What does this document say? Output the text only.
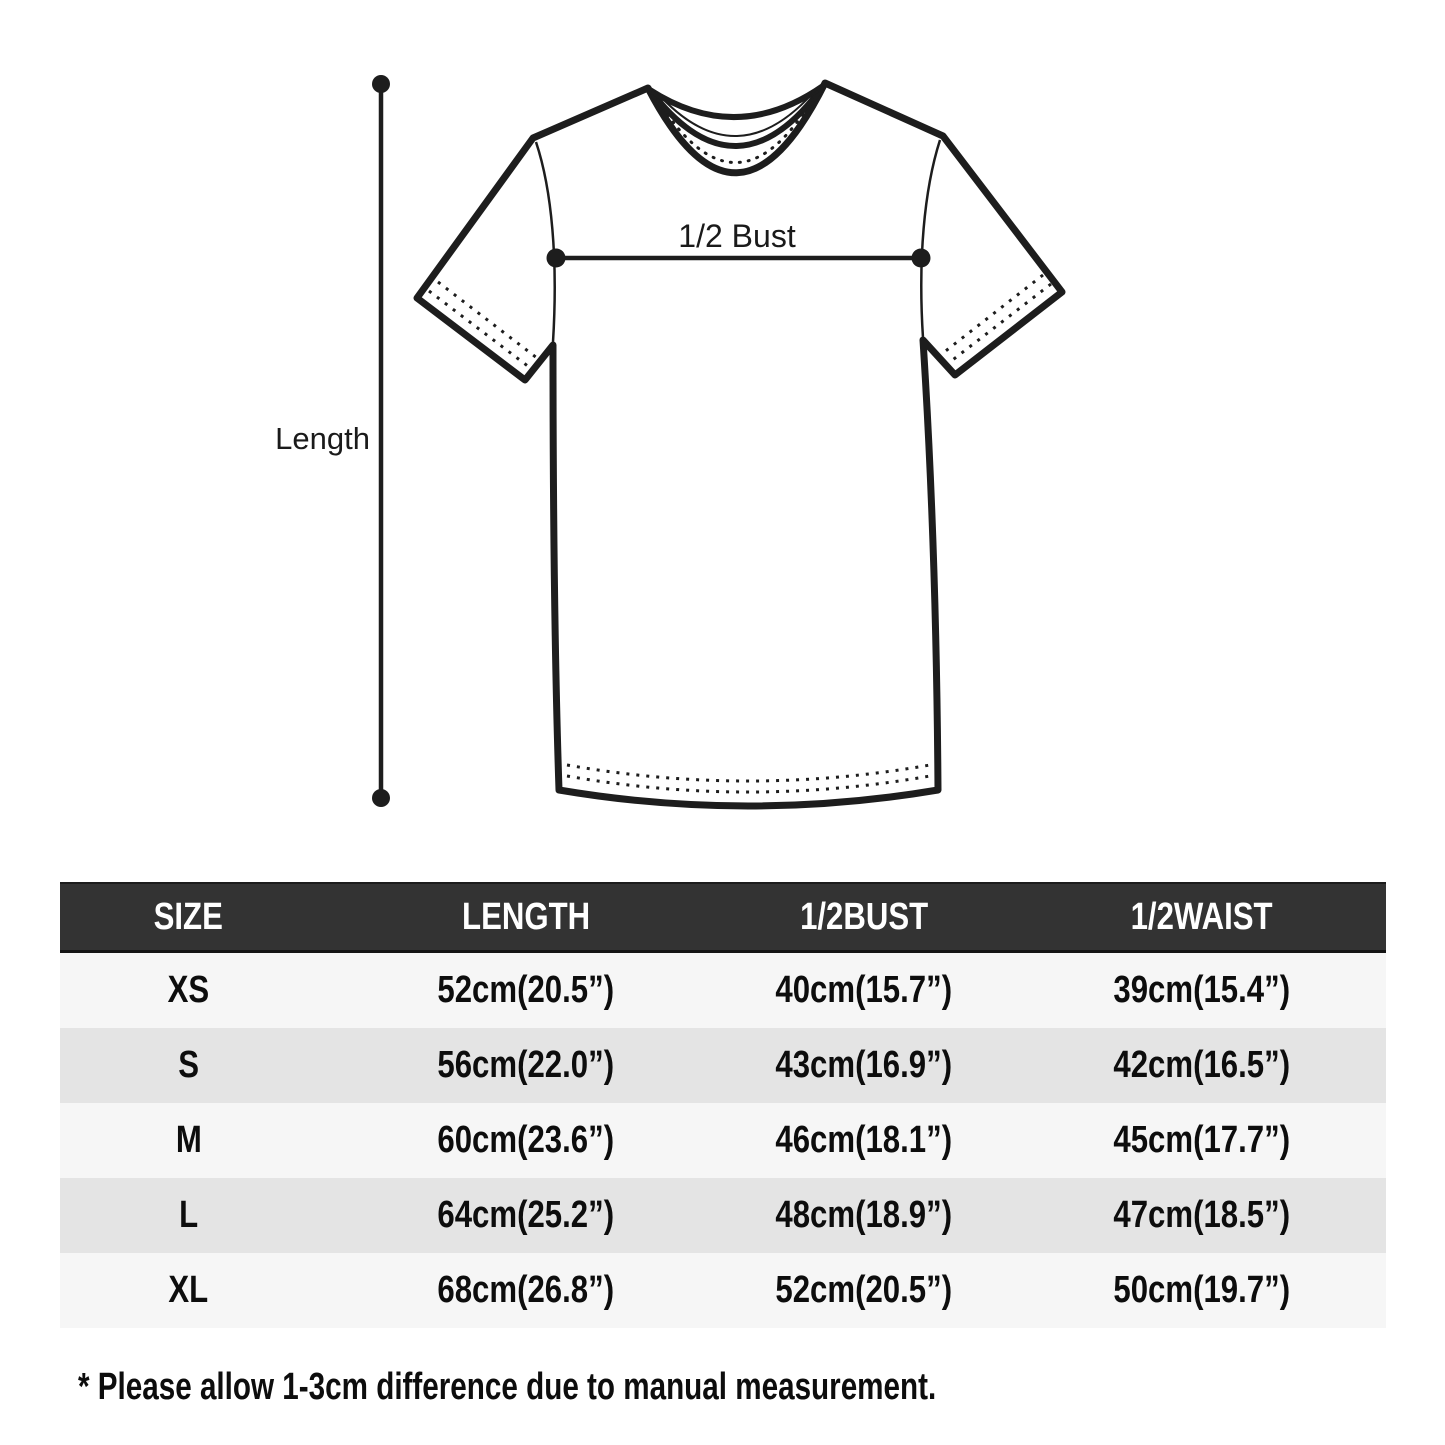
Length
1/2 Bust
SIZE	LENGTH	1/2BUST	1/2WAIST
XS	52cm(20.5”)	40cm(15.7”)	39cm(15.4”)
S	56cm(22.0”)	43cm(16.9”)	42cm(16.5”)
M	60cm(23.6”)	46cm(18.1”)	45cm(17.7”)
L	64cm(25.2”)	48cm(18.9”)	47cm(18.5”)
XL	68cm(26.8”)	52cm(20.5”)	50cm(19.7”)
* Please allow 1-3cm difference due to manual measurement.
